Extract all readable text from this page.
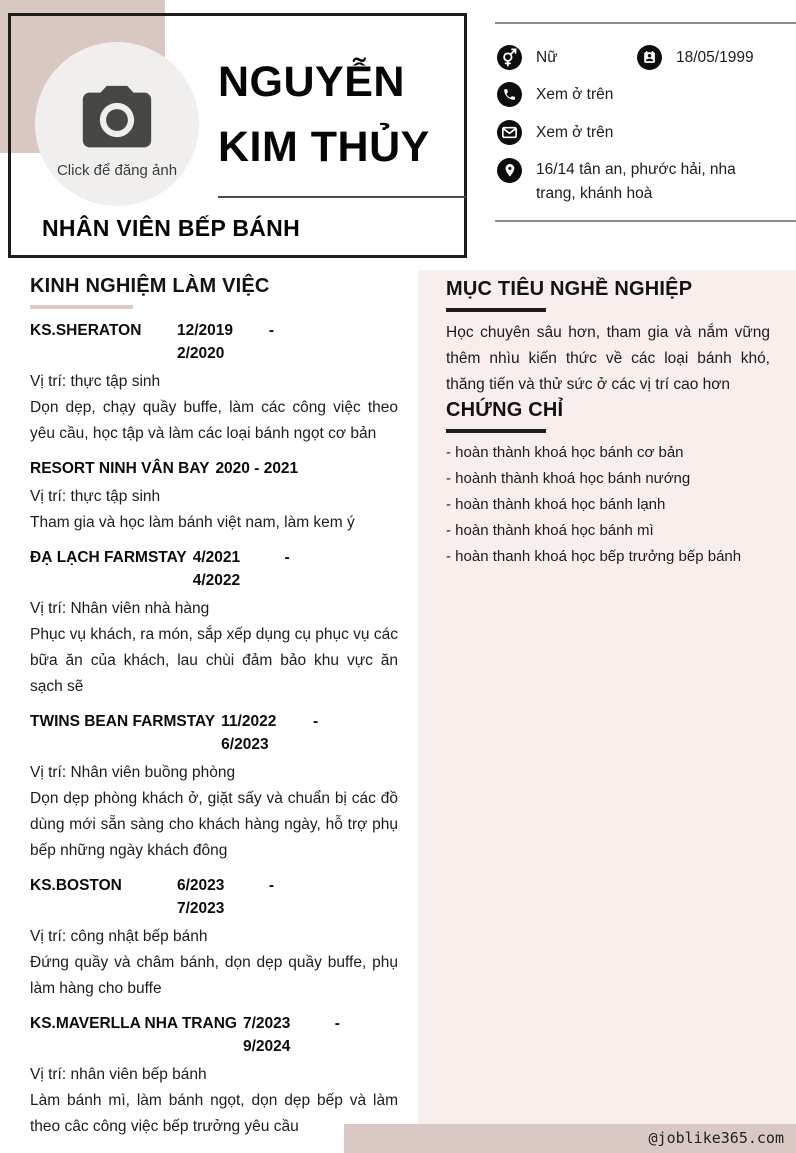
Click để đăng ảnh
NGUYỄN
KIM THỦY
NHÂN VIÊN BẾP BÁNH
Nữ	18/05/1999
Xem ở trên
Xem ở trên
16/14 tân an, phước hải, nha trang, khánh hoà
KINH NGHIỆM LÀM VIỆC
KS.SHERATON	12/2019 - 2/2020
Vị trí: thực tập sinh
Dọn dẹp, chạy quầy buffe, làm các công việc theo yêu cầu, học tập và làm các loại bánh ngọt cơ bản
RESORT NINH VÂN BAY 2020 - 2021
Vị trí: thực tập sinh
Tham gia và học làm bánh việt nam, làm kem ý
ĐẠ LẠCH FARMSTAY 4/2021 - 4/2022
Vị trí: Nhân viên nhà hàng
Phục vụ khách, ra món, sắp xếp dụng cụ phục vụ các bữa ăn của khách, lau chùi đảm bảo khu vực ăn sạch sẽ
TWINS BEAN FARMSTAY 11/2022 - 6/2023
Vị trí: Nhân viên buồng phòng
Dọn dẹp phòng khách ở, giặt sấy và chuẩn bị các đồ dùng mới sẵn sàng cho khách hàng ngày, hỗ trợ phụ bếp những ngày khách đông
KS.BOSTON	6/2023 - 7/2023
Vị trí: công nhật bếp bánh
Đứng quầy và châm bánh, dọn dẹp quầy buffe, phụ làm hàng cho buffe
KS.MAVERLLA NHA TRANG 7/2023 - 9/2024
Vị trí: nhân viên bếp bánh
Làm bánh mì, làm bánh ngọt, dọn dẹp bếp và làm theo câc công việc bếp trưởng yêu cầu
MỤC TIÊU NGHỀ NGHIỆP
Học chuyên sâu hơn, tham gia và nắm vững thêm nhìu kiến thức về các loại bánh khó, thăng tiến và thử sức ở các vị trí cao hơn
CHỨNG CHỈ
- hoàn thành khoá học bánh cơ bản
- hoành thành khoá học bánh nướng
- hoàn thành khoá học bánh lạnh
- hoàn thành khoá học bánh mì
- hoàn thanh khoá học bếp trưởng bếp bánh
@joblike365.com
